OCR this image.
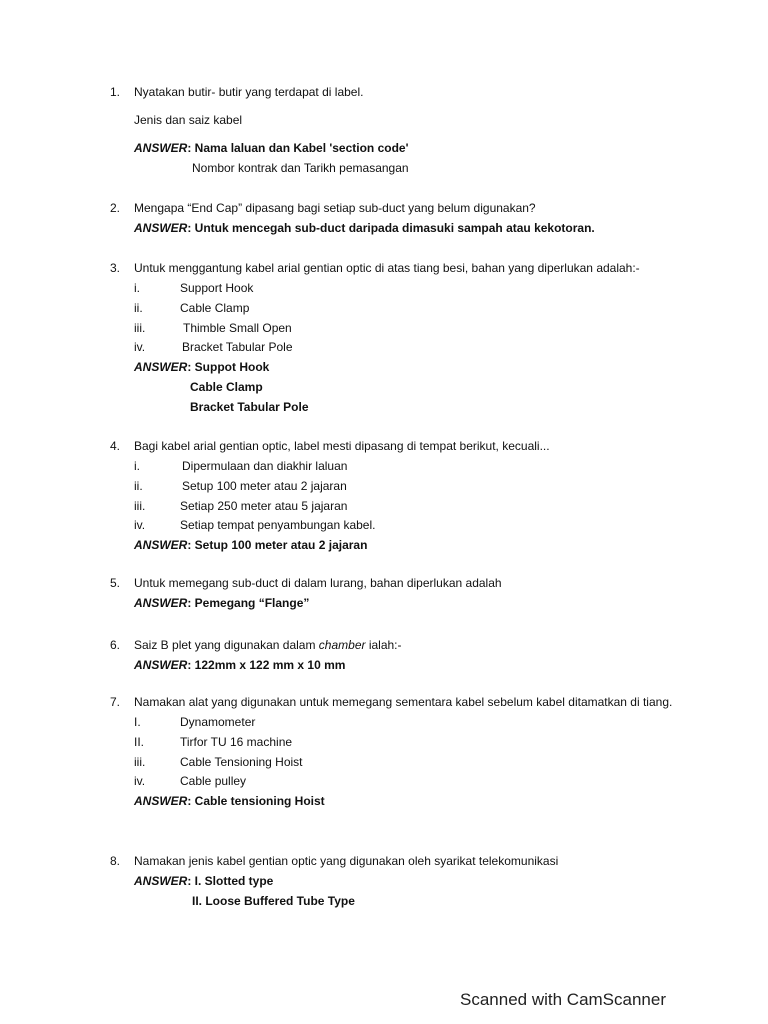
1. Nyatakan butir- butir yang terdapat di label.
Jenis dan saiz kabel
ANSWER: Nama laluan dan Kabel 'section code'
Nombor kontrak dan Tarikh pemasangan
2. Mengapa “End Cap” dipasang bagi setiap sub-duct yang belum digunakan?
ANSWER: Untuk mencegah sub-duct daripada dimasuki sampah atau kekotoran.
3. Untuk menggantung kabel arial gentian optic di atas tiang besi, bahan yang diperlukan adalah:-
i.	Support Hook
ii.	Cable Clamp
iii.	Thimble Small Open
iv.	Bracket Tabular Pole
ANSWER: Suppot Hook
Cable Clamp
Bracket Tabular Pole
4. Bagi kabel arial gentian optic, label mesti dipasang di tempat berikut, kecuali...
i.	Dipermulaan dan diakhir laluan
ii.	Setup 100 meter atau 2 jajaran
iii.	Setiap 250 meter atau 5 jajaran
iv.	Setiap tempat penyambungan kabel.
ANSWER: Setup 100 meter atau 2 jajaran
5. Untuk memegang sub-duct di dalam lurang, bahan diperlukan adalah
ANSWER: Pemegang “Flange”
6. Saiz B plet yang digunakan dalam chamber ialah:-
ANSWER: 122mm x 122 mm x 10 mm
7. Namakan alat yang digunakan untuk memegang sementara kabel sebelum kabel ditamatkan di tiang.
I.	Dynamometer
II.	Tirfor TU 16 machine
iii.	Cable Tensioning Hoist
iv.	Cable pulley
ANSWER: Cable tensioning Hoist
8. Namakan jenis kabel gentian optic yang digunakan oleh syarikat telekomunikasi
ANSWER: I. Slotted type
II. Loose Buffered Tube Type
Scanned with CamScanner
